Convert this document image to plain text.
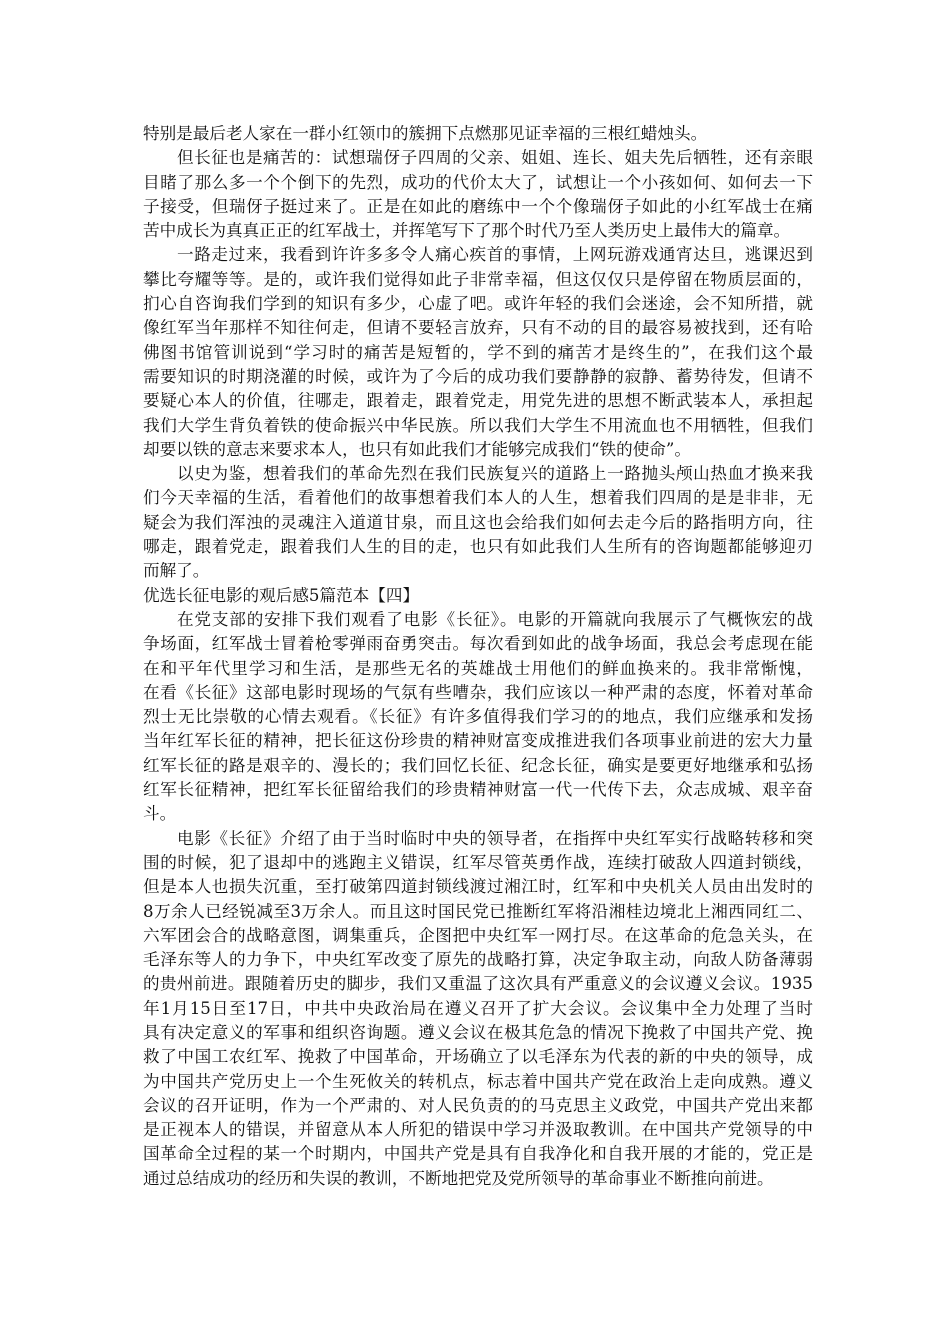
特别是最后老人家在一群小红领巾的簇拥下点燃那见证幸福的三根红蜡烛头。
但长征也是痛苦的：试想瑞伢子四周的父亲、姐姐、连长、姐夫先后牺牲，还有亲眼
目睹了那么多一个个倒下的先烈，成功的代价太大了，试想让一个小孩如何、如何去一下
子接受，但瑞伢子挺过来了。正是在如此的磨练中一个个像瑞伢子如此的小红军战士在痛
苦中成长为真真正正的红军战士，并挥笔写下了那个时代乃至人类历史上最伟大的篇章。
一路走过来，我看到许许多多令人痛心疾首的事情，上网玩游戏通宵达旦，逃课迟到
攀比夸耀等等。是的，或许我们觉得如此子非常幸福，但这仅仅只是停留在物质层面的，
扪心自咨询我们学到的知识有多少，心虚了吧。或许年轻的我们会迷途，会不知所措，就
像红军当年那样不知往何走，但请不要轻言放弃，只有不动的目的最容易被找到，还有哈
佛图书馆管训说到“学习时的痛苦是短暂的，学不到的痛苦才是终生的”，在我们这个最
需要知识的时期浇灌的时候，或许为了今后的成功我们要静静的寂静、蓄势待发，但请不
要疑心本人的价值，往哪走，跟着走，跟着党走，用党先进的思想不断武装本人，承担起
我们大学生背负着铁的使命振兴中华民族。所以我们大学生不用流血也不用牺牲，但我们
却要以铁的意志来要求本人，也只有如此我们才能够完成我们“铁的使命”。
以史为鉴，想着我们的革命先烈在我们民族复兴的道路上一路抛头颅山热血才换来我
们今天幸福的生活，看着他们的故事想着我们本人的人生，想着我们四周的是是非非，无
疑会为我们浑浊的灵魂注入道道甘泉，而且这也会给我们如何去走今后的路指明方向，往
哪走，跟着党走，跟着我们人生的目的走，也只有如此我们人生所有的咨询题都能够迎刃
而解了。
优选长征电影的观后感5篇范本【四】
在党支部的安排下我们观看了电影《长征》。电影的开篇就向我展示了气概恢宏的战
争场面，红军战士冒着枪零弹雨奋勇突击。每次看到如此的战争场面，我总会考虑现在能
在和平年代里学习和生活，是那些无名的英雄战士用他们的鲜血换来的。我非常惭愧，
在看《长征》这部电影时现场的气氛有些嘈杂，我们应该以一种严肃的态度，怀着对革命
烈士无比崇敬的心情去观看。《长征》有许多值得我们学习的的地点，我们应继承和发扬
当年红军长征的精神，把长征这份珍贵的精神财富变成推进我们各项事业前进的宏大力量
红军长征的路是艰辛的、漫长的；我们回忆长征、纪念长征，确实是要更好地继承和弘扬
红军长征精神，把红军长征留给我们的珍贵精神财富一代一代传下去，众志成城、艰辛奋
斗。
电影《长征》介绍了由于当时临时中央的领导者，在指挥中央红军实行战略转移和突
围的时候，犯了退却中的逃跑主义错误，红军尽管英勇作战，连续打破敌人四道封锁线，
但是本人也损失沉重，至打破第四道封锁线渡过湘江时，红军和中央机关人员由出发时的
8万余人已经锐减至3万余人。而且这时国民党已推断红军将沿湘桂边境北上湘西同红二、
六军团会合的战略意图，调集重兵，企图把中央红军一网打尽。在这革命的危急关头，在
毛泽东等人的力争下，中央红军改变了原先的战略打算，决定争取主动，向敌人防备薄弱
的贵州前进。跟随着历史的脚步，我们又重温了这次具有严重意义的会议遵义会议。1935
年1月15日至17日，中共中央政治局在遵义召开了扩大会议。会议集中全力处理了当时
具有决定意义的军事和组织咨询题。遵义会议在极其危急的情况下挽救了中国共产党、挽
救了中国工农红军、挽救了中国革命，开场确立了以毛泽东为代表的新的中央的领导，成
为中国共产党历史上一个生死攸关的转机点，标志着中国共产党在政治上走向成熟。遵义
会议的召开证明，作为一个严肃的、对人民负责的的马克思主义政党，中国共产党出来都
是正视本人的错误，并留意从本人所犯的错误中学习并汲取教训。在中国共产党领导的中
国革命全过程的某一个时期内，中国共产党是具有自我净化和自我开展的才能的，党正是
通过总结成功的经历和失误的教训，不断地把党及党所领导的革命事业不断推向前进。
